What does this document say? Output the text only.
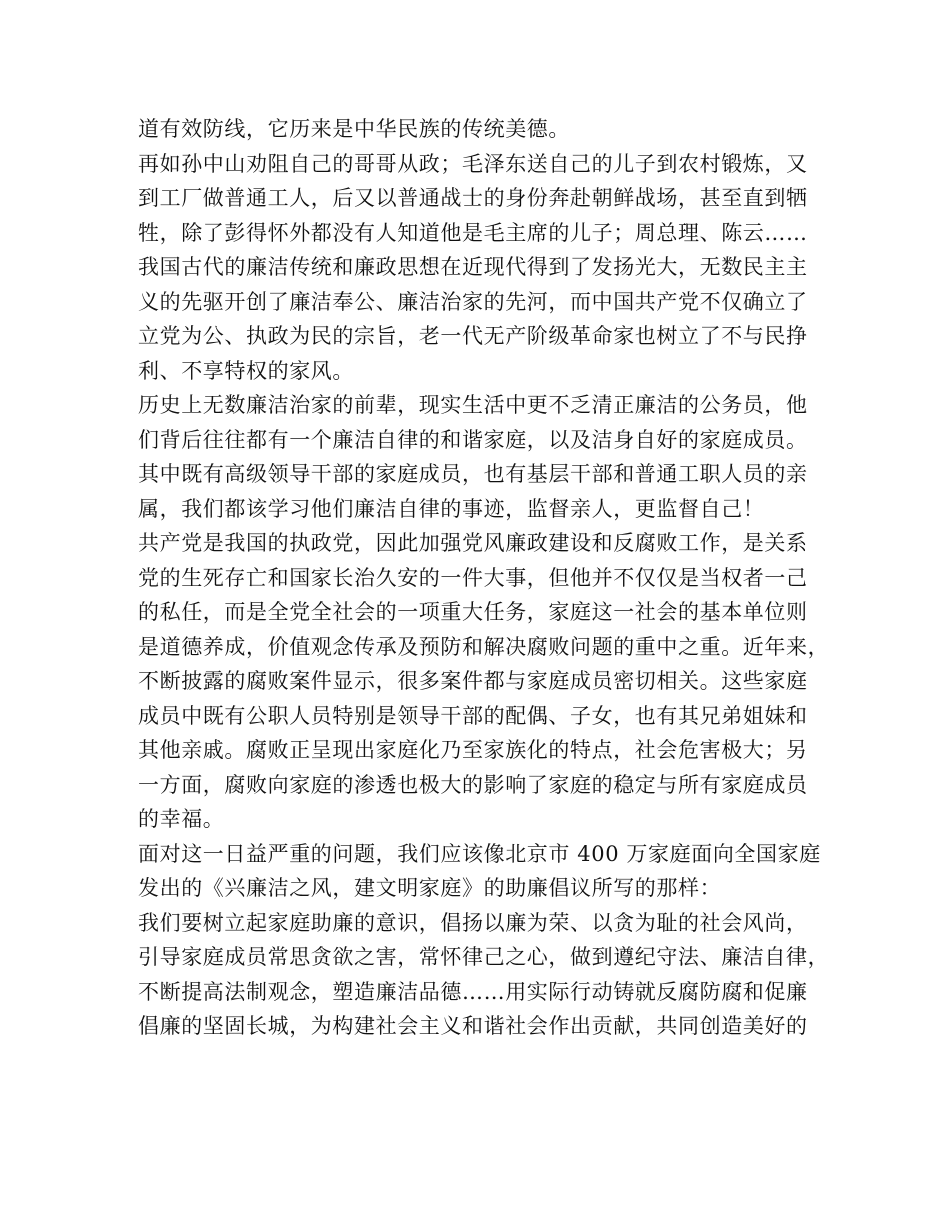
道有效防线，它历来是中华民族的传统美德。
再如孙中山劝阻自己的哥哥从政；毛泽东送自己的儿子到农村锻炼，又
到工厂做普通工人，后又以普通战士的身份奔赴朝鲜战场，甚至直到牺
牲，除了彭得怀外都没有人知道他是毛主席的儿子；周总理、陈云……
我国古代的廉洁传统和廉政思想在近现代得到了发扬光大，无数民主主
义的先驱开创了廉洁奉公、廉洁治家的先河，而中国共产党不仅确立了
立党为公、执政为民的宗旨，老一代无产阶级革命家也树立了不与民挣
利、不享特权的家风。
历史上无数廉洁治家的前辈，现实生活中更不乏清正廉洁的公务员，他
们背后往往都有一个廉洁自律的和谐家庭，以及洁身自好的家庭成员。
其中既有高级领导干部的家庭成员，也有基层干部和普通工职人员的亲
属，我们都该学习他们廉洁自律的事迹，监督亲人，更监督自己！
共产党是我国的执政党，因此加强党风廉政建设和反腐败工作，是关系
党的生死存亡和国家长治久安的一件大事，但他并不仅仅是当权者一己
的私任，而是全党全社会的一项重大任务，家庭这一社会的基本单位则
是道德养成，价值观念传承及预防和解决腐败问题的重中之重。近年来，
不断披露的腐败案件显示，很多案件都与家庭成员密切相关。这些家庭
成员中既有公职人员特别是领导干部的配偶、子女，也有其兄弟姐妹和
其他亲戚。腐败正呈现出家庭化乃至家族化的特点，社会危害极大；另
一方面，腐败向家庭的渗透也极大的影响了家庭的稳定与所有家庭成员
的幸福。
面对这一日益严重的问题，我们应该像北京市 400 万家庭面向全国家庭
发出的《兴廉洁之风，建文明家庭》的助廉倡议所写的那样：
我们要树立起家庭助廉的意识，倡扬以廉为荣、以贪为耻的社会风尚，
引导家庭成员常思贪欲之害，常怀律己之心，做到遵纪守法、廉洁自律，
不断提高法制观念，塑造廉洁品德……用实际行动铸就反腐防腐和促廉
倡廉的坚固长城，为构建社会主义和谐社会作出贡献，共同创造美好的
